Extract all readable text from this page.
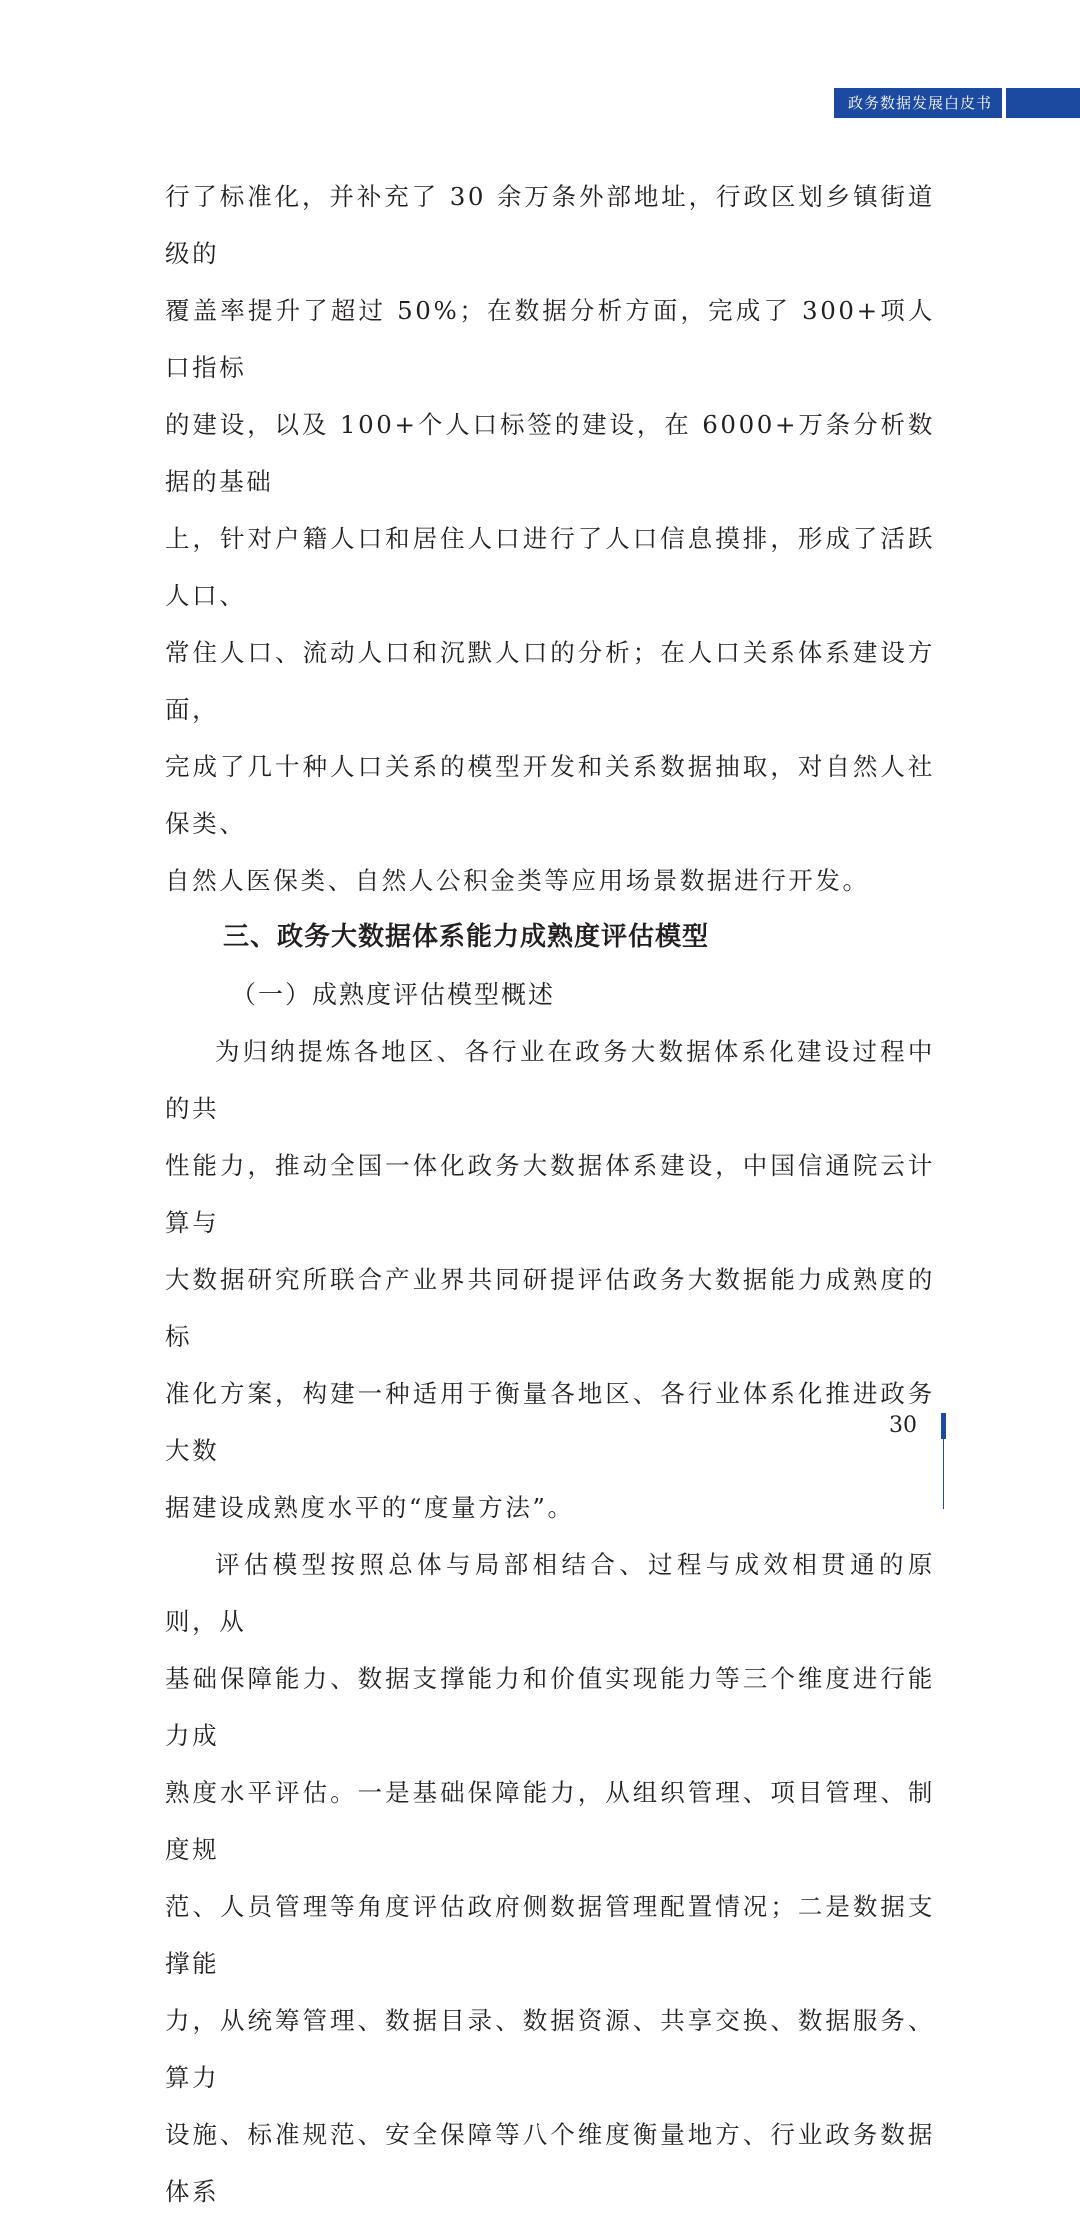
政务数据发展白皮书
行了标准化，并补充了 30 余万条外部地址，行政区划乡镇街道级的
覆盖率提升了超过 50%；在数据分析方面，完成了 300+项人口指标
的建设，以及 100+个人口标签的建设，在 6000+万条分析数据的基础
上，针对户籍人口和居住人口进行了人口信息摸排，形成了活跃人口、
常住人口、流动人口和沉默人口的分析；在人口关系体系建设方面，
完成了几十种人口关系的模型开发和关系数据抽取，对自然人社保类、
自然人医保类、自然人公积金类等应用场景数据进行开发。
三、政务大数据体系能力成熟度评估模型
（一）成熟度评估模型概述
为归纳提炼各地区、各行业在政务大数据体系化建设过程中的共
性能力，推动全国一体化政务大数据体系建设，中国信通院云计算与
大数据研究所联合产业界共同研提评估政务大数据能力成熟度的标
准化方案，构建一种适用于衡量各地区、各行业体系化推进政务大数
据建设成熟度水平的“度量方法”。
评估模型按照总体与局部相结合、过程与成效相贯通的原则，从
基础保障能力、数据支撑能力和价值实现能力等三个维度进行能力成
熟度水平评估。一是基础保障能力，从组织管理、项目管理、制度规
范、人员管理等角度评估政府侧数据管理配置情况；二是数据支撑能
力，从统筹管理、数据目录、数据资源、共享交换、数据服务、算力
设施、标准规范、安全保障等八个维度衡量地方、行业政务数据体系
30
